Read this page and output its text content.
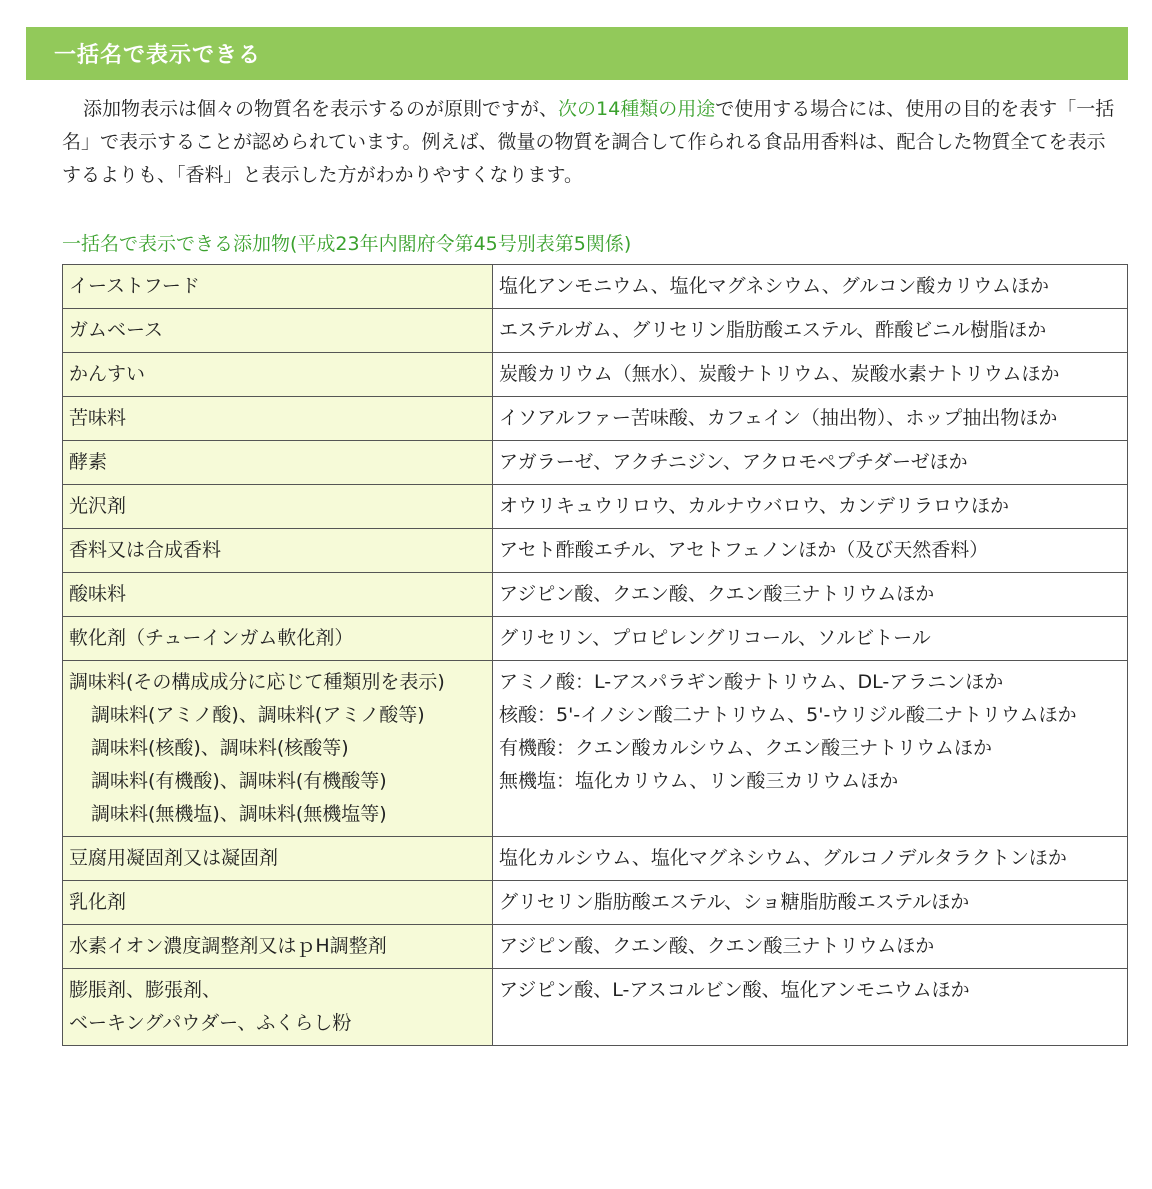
一括名で表示できる

添加物表示は個々の物質名を表示するのが原則ですが、次の14種類の用途で使用する場合には、使用の目的を表す「一括名」で表示することが認められています。例えば、微量の物質を調合して作られる食品用香料は、配合した物質全てを表示するよりも、「香料」と表示した方がわかりやすくなります。

一括名で表示できる添加物(平成23年内閣府令第45号別表第5関係)

イーストフード	塩化アンモニウム、塩化マグネシウム、グルコン酸カリウムほか

ガムベース	エステルガム、グリセリン脂肪酸エステル、酢酸ビニル樹脂ほか

かんすい	炭酸カリウム（無水）、炭酸ナトリウム、炭酸水素ナトリウムほか

苦味料	イソアルファー苦味酸、カフェイン（抽出物）、ホップ抽出物ほか

酵素	アガラーゼ、アクチニジン、アクロモペプチダーゼほか

光沢剤	オウリキュウリロウ、カルナウバロウ、カンデリラロウほか

香料又は合成香料	アセト酢酸エチル、アセトフェノンほか（及び天然香料）

酸味料	アジピン酸、クエン酸、クエン酸三ナトリウムほか

軟化剤（チューインガム軟化剤）	グリセリン、プロピレングリコール、ソルビトール

調味料(その構成成分に応じて種類別を表示)
調味料(アミノ酸)、調味料(アミノ酸等)
調味料(核酸)、調味料(核酸等)
調味料(有機酸)、調味料(有機酸等)
調味料(無機塩)、調味料(無機塩等)	アミノ酸：L-アスパラギン酸ナトリウム、DL-アラニンほか
核酸：5'-イノシン酸二ナトリウム、5'-ウリジル酸二ナトリウムほか
有機酸：クエン酸カルシウム、クエン酸三ナトリウムほか
無機塩：塩化カリウム、リン酸三カリウムほか

豆腐用凝固剤又は凝固剤	塩化カルシウム、塩化マグネシウム、グルコノデルタラクトンほか

乳化剤	グリセリン脂肪酸エステル、ショ糖脂肪酸エステルほか

水素イオン濃度調整剤又はｐH調整剤	アジピン酸、クエン酸、クエン酸三ナトリウムほか

膨脹剤、膨張剤、
ベーキングパウダー、ふくらし粉	アジピン酸、L-アスコルビン酸、塩化アンモニウムほか
